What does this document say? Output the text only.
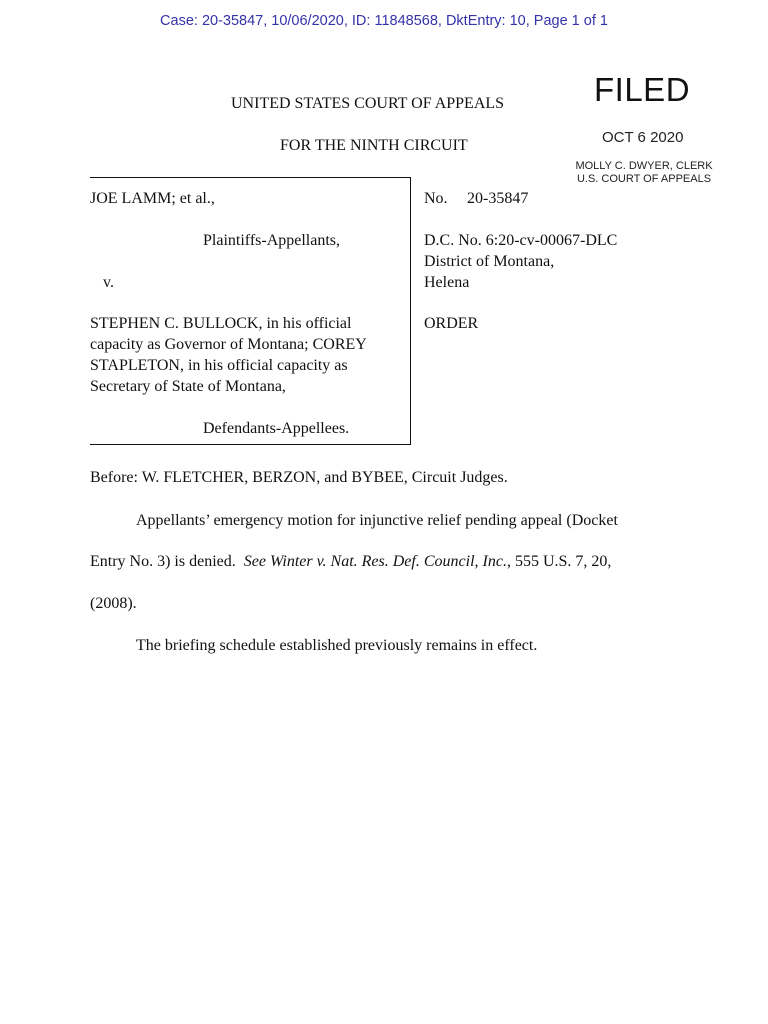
Case: 20-35847, 10/06/2020, ID: 11848568, DktEntry: 10, Page 1 of 1
UNITED STATES COURT OF APPEALS
FOR THE NINTH CIRCUIT
FILED
OCT 6 2020
MOLLY C. DWYER, CLERK
U.S. COURT OF APPEALS
JOE LAMM; et al.,
Plaintiffs-Appellants,
v.
STEPHEN C. BULLOCK, in his official
capacity as Governor of Montana; COREY
STAPLETON, in his official capacity as
Secretary of State of Montana,
Defendants-Appellees.
No. 20-35847
D.C. No. 6:20-cv-00067-DLC
District of Montana,
Helena
ORDER
Before: W. FLETCHER, BERZON, and BYBEE, Circuit Judges.
Appellants’ emergency motion for injunctive relief pending appeal (Docket
Entry No. 3) is denied. See Winter v. Nat. Res. Def. Council, Inc., 555 U.S. 7, 20,
(2008).
The briefing schedule established previously remains in effect.
